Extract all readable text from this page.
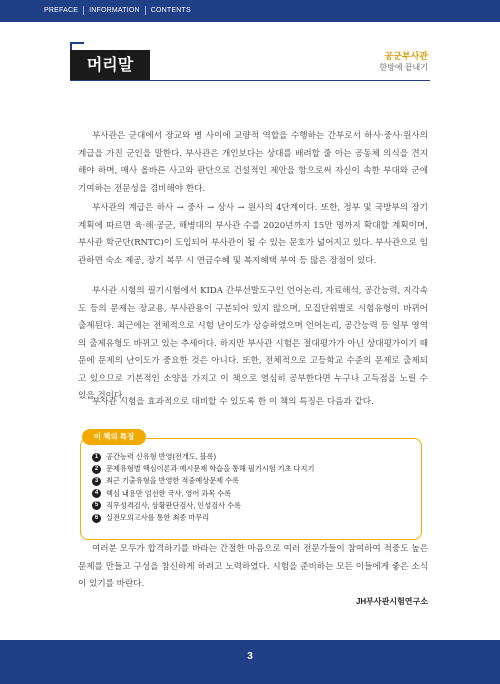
PREFACE	INFORMATION	CONTENTS
머리말	공군부사관
한방에 끝내기

부사관은 군대에서 장교와 병 사이에 교량적 역할을 수행하는 간부로서 하사·중사·원사의 계급을 가진 군인을 말한다. 부사관은 개인보다는 상대를 배려할 줄 아는 공동체 의식을 견지해야 하며, 매사 올바른 사고와 판단으로 건설적인 제안을 함으로써 자신이 속한 부대와 군에 기여하는 전문성을 겸비해야 한다.

부사관의 계급은 하사 → 중사 → 상사 → 원사의 4단계이다. 또한, 정부 및 국방부의 장기계획에 따르면 육·해·공군, 해병대의 부사관 수를 2020년까지 15만 명까지 확대할 계획이며, 부사관 학군단(RNTC)이 도입되어 부사관이 될 수 있는 문호가 넓어지고 있다. 부사관으로 임관하면 숙소 제공, 장기 복무 시 연금수혜 및 복지혜택 부여 등 많은 장점이 있다.

부사관 시험의 필기시험에서 KIDA 간부선발도구인 언어논리, 자료해석, 공간능력, 지각속도 등의 문제는 장교용, 부사관용이 구분되어 있지 않으며, 모집단위별로 시험유형이 바뀌어 출제된다. 최근에는 전체적으로 시험 난이도가 상승하였으며 언어논리, 공간능력 등 일부 영역의 출제유형도 바뀌고 있는 추세이다. 하지만 부사관 시험은 절대평가가 아닌 상대평가이기 때문에 문제의 난이도가 중요한 것은 아니다. 또한, 전체적으로 고등학교 수준의 문제로 출제되고 있으므로 기본적인 소양을 가지고 이 책으로 열심히 공부한다면 누구나 고득점을 노릴 수 있을 것이다.

부사관 시험을 효과적으로 대비할 수 있도록 한 이 책의 특징은 다음과 같다.

이 책의 특징
1	공간능력 신유형 반영(전개도, 블록)
2	문제유형별 핵심이론과 예시문제 학습을 통해 필기시험 기초 다지기
3	최근 기출유형을 반영한 적중예상문제 수록
4	핵심 내용만 엄선한 국사, 영어 과목 수록
5	직무성격검사, 상황판단검사, 인성검사 수록
6	실전모의고사를 통한 최종 마무리

여러분 모두가 합격하기를 바라는 간절한 마음으로 여러 전문가들이 참여하여 적중도 높은 문제를 만들고 구성을 참신하게 하려고 노력하였다. 시험을 준비하는 모든 이들에게 좋은 소식이 있기를 바란다.

JH부사관시험연구소
3
